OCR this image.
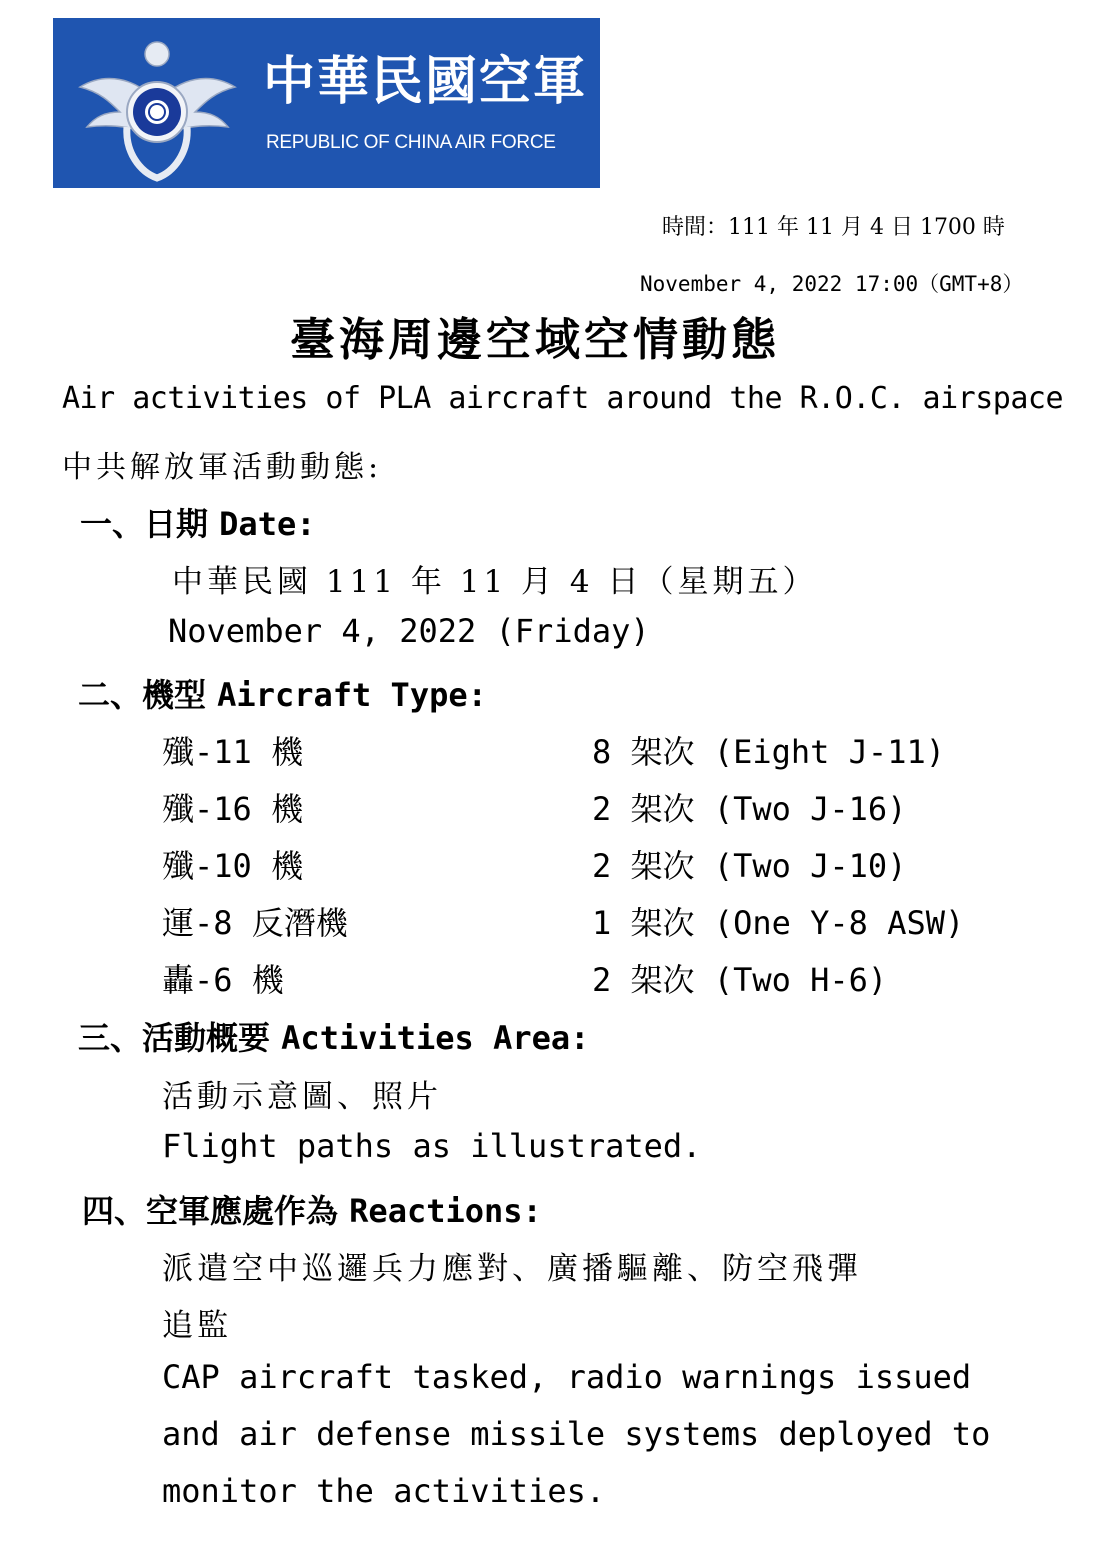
中華民國空軍
REPUBLIC OF CHINA AIR FORCE
時間：111 年 11 月 4 日 1700 時
November 4, 2022 17:00（GMT+8）
臺海周邊空域空情動態
Air activities of PLA aircraft around the R.O.C. airspace
中共解放軍活動動態:
一、日期 Date:
中華民國 111 年 11 月 4 日（星期五）
November 4, 2022 (Friday)
二、機型 Aircraft Type:
殲-11 機	8 架次 (Eight J-11)
殲-16 機	2 架次 (Two J-16)
殲-10 機	2 架次 (Two J-10)
運-8 反潛機	1 架次 (One Y-8 ASW)
轟-6 機	2 架次 (Two H-6)
三、活動概要 Activities Area:
活動示意圖、照片
Flight paths as illustrated.
四、空軍應處作為 Reactions:
派遣空中巡邏兵力應對、廣播驅離、防空飛彈
追監
CAP aircraft tasked, radio warnings issued
and air defense missile systems deployed to
monitor the activities.
